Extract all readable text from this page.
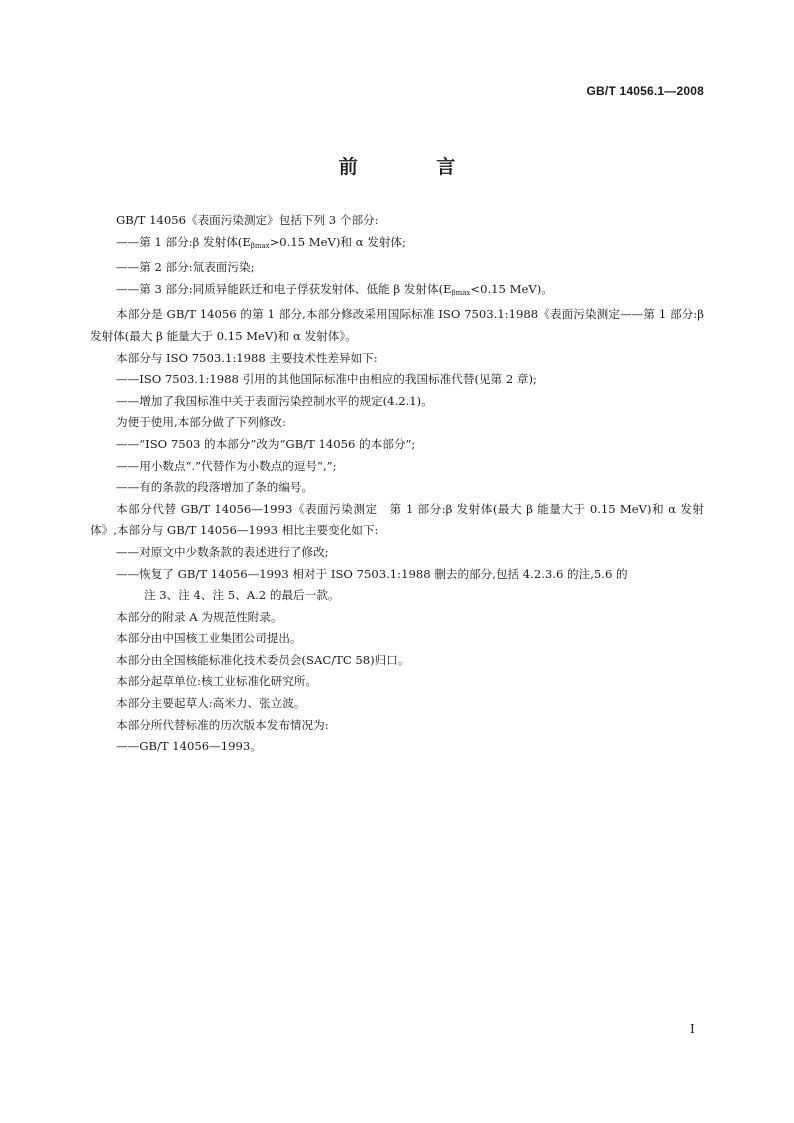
GB/T 14056.1—2008
前 言

GB/T 14056《表面污染测定》包括下列 3 个部分:

——第 1 部分:β 发射体($E_{\beta max}>0.15$ MeV)和 α 发射体;

——第 2 部分:氚表面污染;

——第 3 部分:同质异能跃迁和电子俘获发射体、低能 β 发射体($E_{\beta max}<0.15$ MeV)。

本部分是 GB/T 14056 的第 1 部分,本部分修改采用国际标准 ISO 7503.1:1988《表面污染测定——第 1 部分:β 发射体(最大 β 能量大于 0.15 MeV)和 α 发射体》。

本部分与 ISO 7503.1:1988 主要技术性差异如下:

——ISO 7503.1:1988 引用的其他国际标准中由相应的我国标准代替(见第 2 章);

——增加了我国标准中关于表面污染控制水平的规定(4.2.1)。

为便于使用,本部分做了下列修改:

——“ISO 7503 的本部分”改为“GB/T 14056 的本部分”;

——用小数点“.”代替作为小数点的逗号“,”;

——有的条款的段落增加了条的编号。

本部分代替 GB/T 14056—1993《表面污染测定　第 1 部分:β 发射体(最大 β 能量大于 0.15 MeV)和 α 发射体》,本部分与 GB/T 14056—1993 相比主要变化如下:

——对原文中少数条款的表述进行了修改;

——恢复了 GB/T 14056—1993 相对于 ISO 7503.1:1988 删去的部分,包括 4.2.3.6 的注,5.6 的

注 3、注 4、注 5、A.2 的最后一款。

本部分的附录 A 为规范性附录。

本部分由中国核工业集团公司提出。

本部分由全国核能标准化技术委员会(SAC/TC 58)归口。

本部分起草单位:核工业标准化研究所。

本部分主要起草人:高米力、张立波。

本部分所代替标准的历次版本发布情况为:

——GB/T 14056—1993。

I
